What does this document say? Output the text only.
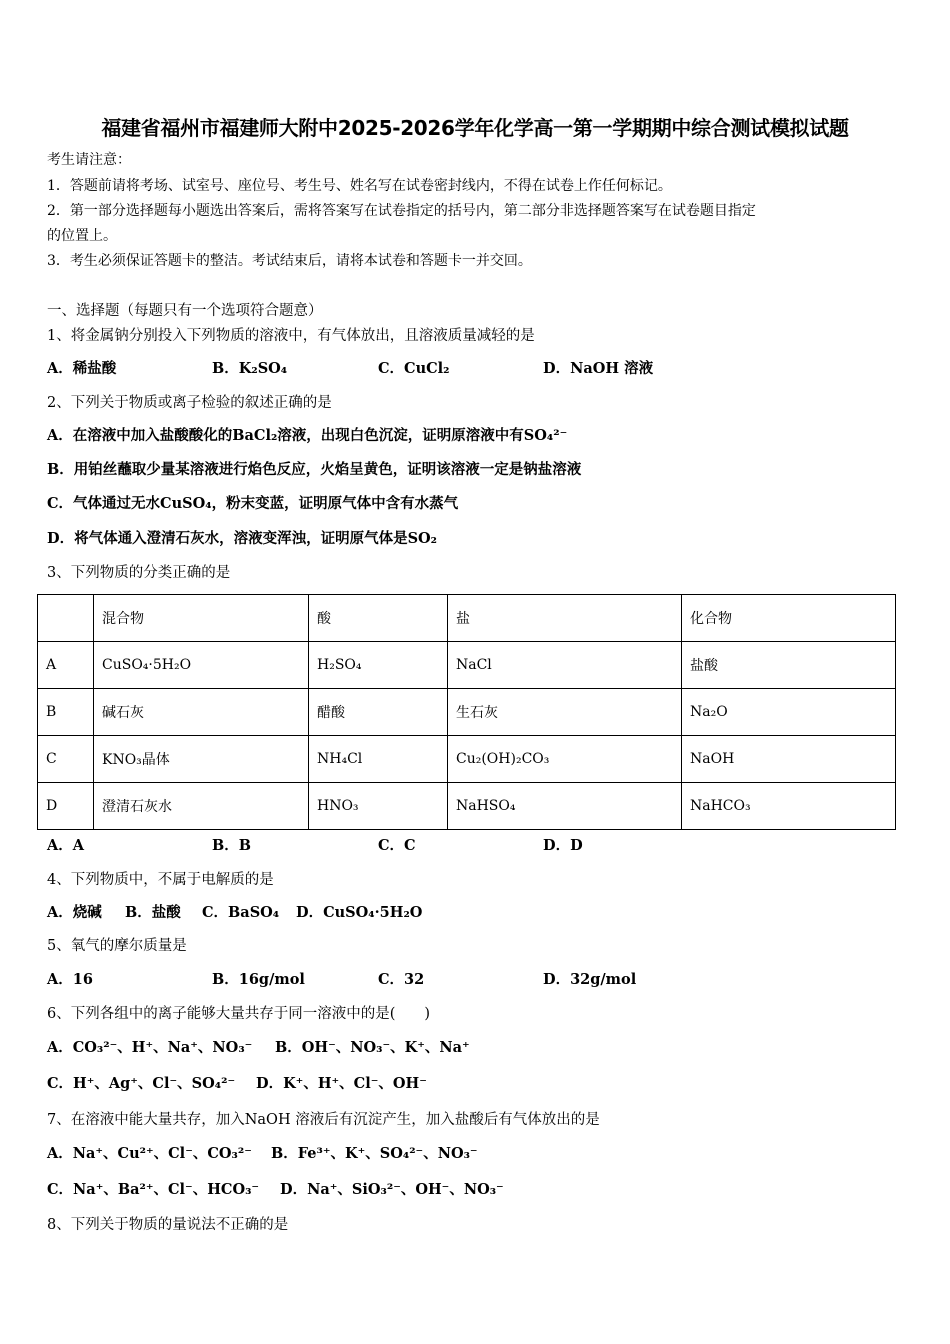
福建省福州市福建师大附中2025-2026学年化学高一第一学期期中综合测试模拟试题
考生请注意：
1．答题前请将考场、试室号、座位号、考生号、姓名写在试卷密封线内，不得在试卷上作任何标记。
2．第一部分选择题每小题选出答案后，需将答案写在试卷指定的括号内，第二部分非选择题答案写在试卷题目指定
的位置上。
3．考生必须保证答题卡的整洁。考试结束后，请将本试卷和答题卡一并交回。
一、选择题（每题只有一个选项符合题意）
1、将金属钠分别投入下列物质的溶液中，有气体放出，且溶液质量减轻的是
A．稀盐酸	B．K₂SO₄	C．CuCl₂	D．NaOH 溶液
2、下列关于物质或离子检验的叙述正确的是
A．在溶液中加入盐酸酸化的BaCl₂溶液，出现白色沉淀，证明原溶液中有SO₄²⁻
B．用铂丝蘸取少量某溶液进行焰色反应，火焰呈黄色，证明该溶液一定是钠盐溶液
C．气体通过无水CuSO₄，粉末变蓝，证明原气体中含有水蒸气
D．将气体通入澄清石灰水，溶液变浑浊，证明原气体是SO₂
3、下列物质的分类正确的是
	混合物	酸	盐	化合物
A	CuSO₄·5H₂O	H₂SO₄	NaCl	盐酸
B	碱石灰	醋酸	生石灰	Na₂O
C	KNO₃晶体	NH₄Cl	Cu₂(OH)₂CO₃	NaOH
D	澄清石灰水	HNO₃	NaHSO₄	NaHCO₃
A．A	B．B	C．C	D．D
4、下列物质中，不属于电解质的是
A．烧碱 B．盐酸 C．BaSO₄ D．CuSO₄·5H₂O
5、氧气的摩尔质量是
A．16	B．16g/mol	C．32	D．32g/mol
6、下列各组中的离子能够大量共存于同一溶液中的是(　　)
A．CO₃²⁻、H⁺、Na⁺、NO₃⁻ B．OH⁻、NO₃⁻、K⁺、Na⁺
C．H⁺、Ag⁺、Cl⁻、SO₄²⁻ D．K⁺、H⁺、Cl⁻、OH⁻
7、在溶液中能大量共存，加入NaOH 溶液后有沉淀产生，加入盐酸后有气体放出的是
A．Na⁺、Cu²⁺、Cl⁻、CO₃²⁻ B．Fe³⁺、K⁺、SO₄²⁻、NO₃⁻
C．Na⁺、Ba²⁺、Cl⁻、HCO₃⁻ D．Na⁺、SiO₃²⁻、OH⁻、NO₃⁻
8、下列关于物质的量说法不正确的是
